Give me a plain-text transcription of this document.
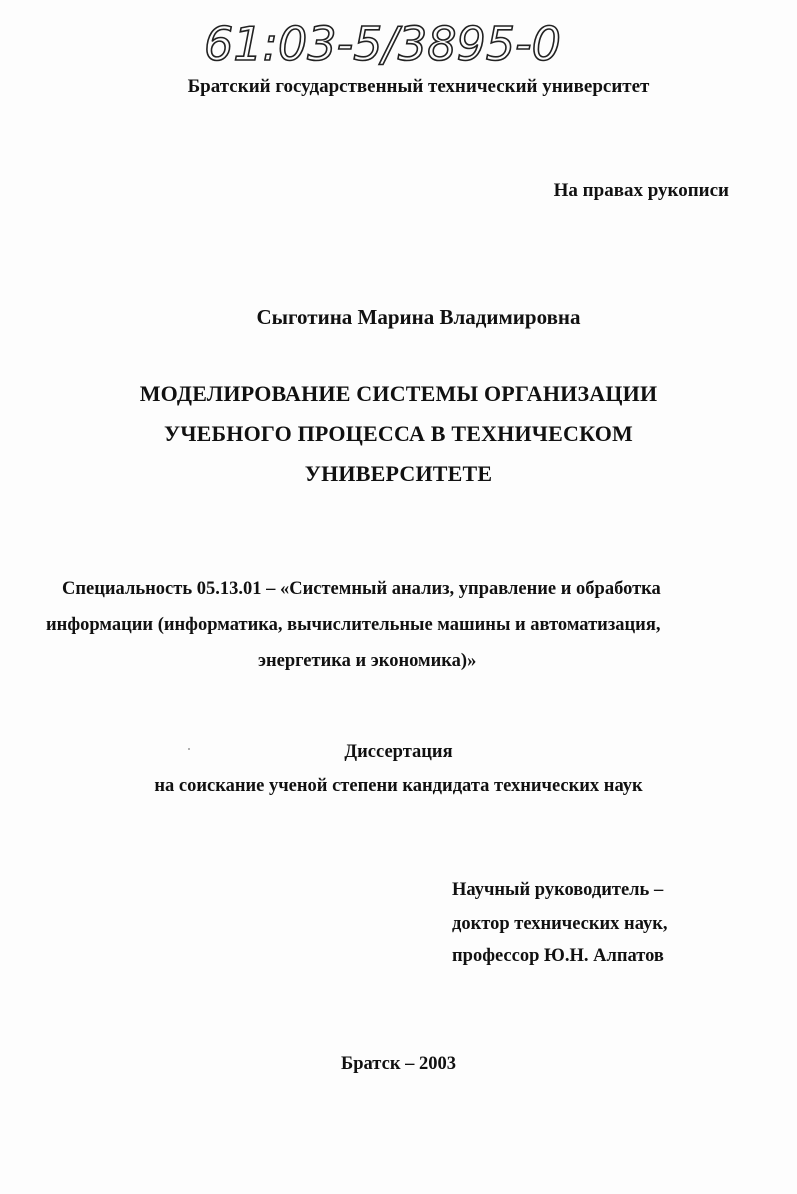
61:03-5/3895-0

Братский государственный технический университет

На правах рукописи

Сыготина Марина Владимировна

МОДЕЛИРОВАНИЕ СИСТЕМЫ ОРГАНИЗАЦИИ

УЧЕБНОГО ПРОЦЕССА В ТЕХНИЧЕСКОМ

УНИВЕРСИТЕТЕ

Специальность 05.13.01 – «Системный анализ, управление и обработка

информации (информатика, вычислительные машины и автоматизация,

энергетика и экономика)»

Диссертация

на соискание ученой степени кандидата технических наук

Научный руководитель –

доктор технических наук,

профессор Ю.Н. Алпатов

Братск – 2003
